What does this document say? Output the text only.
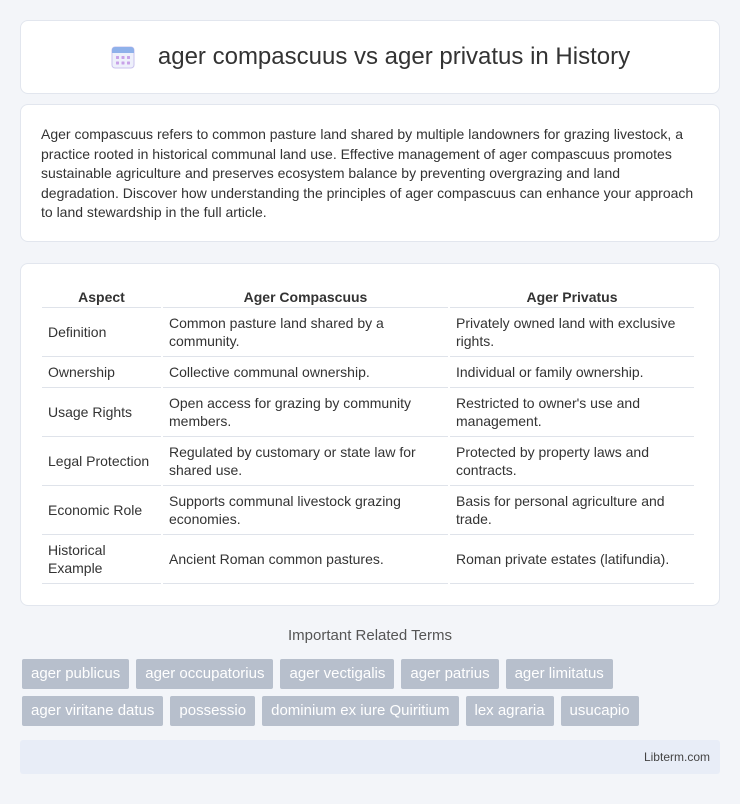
ager compascuus vs ager privatus in History

Ager compascuus refers to common pasture land shared by multiple landowners for grazing livestock, a practice rooted in historical communal land use. Effective management of ager compascuus promotes sustainable agriculture and preserves ecosystem balance by preventing overgrazing and land degradation. Discover how understanding the principles of ager compascuus can enhance your approach to land stewardship in the full article.

Aspect	Ager Compascuus	Ager Privatus
Definition	Common pasture land shared by a community.	Privately owned land with exclusive rights.
Ownership	Collective communal ownership.	Individual or family ownership.
Usage Rights	Open access for grazing by community members.	Restricted to owner's use and management.
Legal Protection	Regulated by customary or state law for shared use.	Protected by property laws and contracts.
Economic Role	Supports communal livestock grazing economies.	Basis for personal agriculture and trade.
Historical Example	Ancient Roman common pastures.	Roman private estates (latifundia).
Important Related Terms
ager publicus	ager occupatorius	ager vectigalis	ager patrius	ager limitatus
ager viritane datus	possessio	dominium ex iure Quiritium	lex agraria	usucapio
Libterm.com
